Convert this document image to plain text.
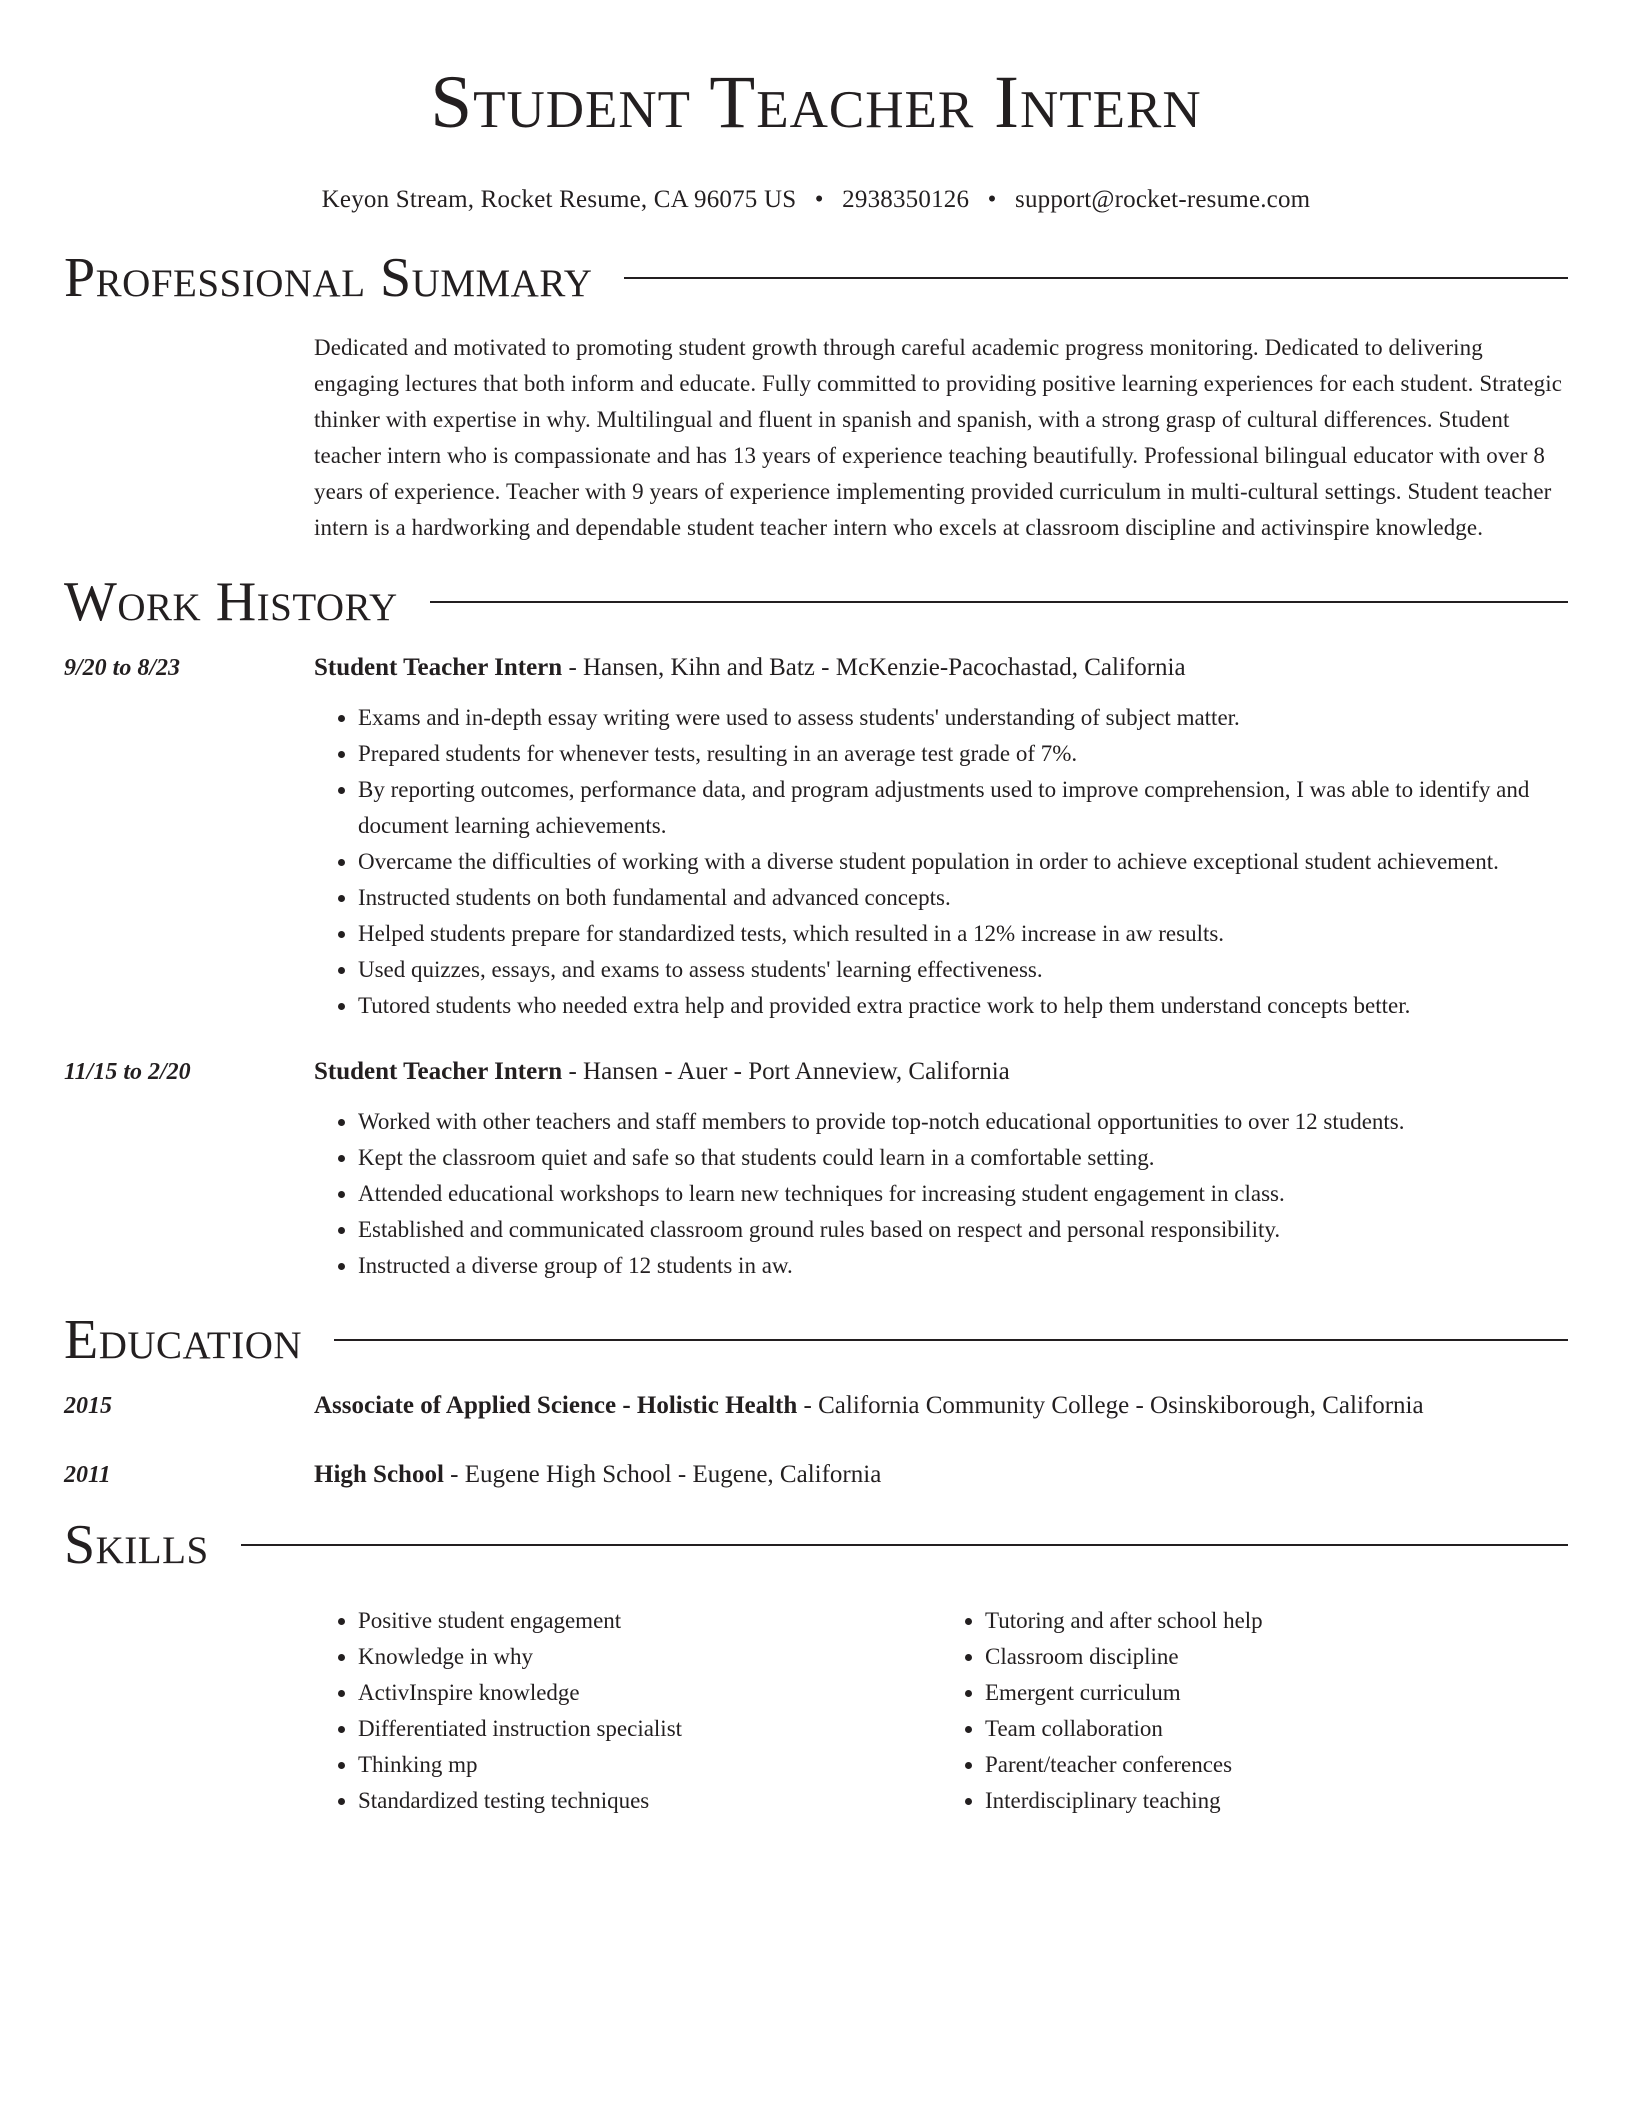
Student Teacher Intern
Keyon Stream, Rocket Resume, CA 96075 US • 2938350126 • support@rocket-resume.com
Professional Summary
Dedicated and motivated to promoting student growth through careful academic progress monitoring. Dedicated to delivering engaging lectures that both inform and educate. Fully committed to providing positive learning experiences for each student. Strategic thinker with expertise in why. Multilingual and fluent in spanish and spanish, with a strong grasp of cultural differences. Student teacher intern who is compassionate and has 13 years of experience teaching beautifully. Professional bilingual educator with over 8 years of experience. Teacher with 9 years of experience implementing provided curriculum in multi-cultural settings. Student teacher intern is a hardworking and dependable student teacher intern who excels at classroom discipline and activinspire knowledge.
Work History
9/20 to 8/23	Student Teacher Intern - Hansen, Kihn and Batz - McKenzie-Pacochastad, California
• Exams and in-depth essay writing were used to assess students' understanding of subject matter.
• Prepared students for whenever tests, resulting in an average test grade of 7%.
• By reporting outcomes, performance data, and program adjustments used to improve comprehension, I was able to identify and document learning achievements.
• Overcame the difficulties of working with a diverse student population in order to achieve exceptional student achievement.
• Instructed students on both fundamental and advanced concepts.
• Helped students prepare for standardized tests, which resulted in a 12% increase in aw results.
• Used quizzes, essays, and exams to assess students' learning effectiveness.
• Tutored students who needed extra help and provided extra practice work to help them understand concepts better.
11/15 to 2/20	Student Teacher Intern - Hansen - Auer - Port Anneview, California
• Worked with other teachers and staff members to provide top-notch educational opportunities to over 12 students.
• Kept the classroom quiet and safe so that students could learn in a comfortable setting.
• Attended educational workshops to learn new techniques for increasing student engagement in class.
• Established and communicated classroom ground rules based on respect and personal responsibility.
• Instructed a diverse group of 12 students in aw.
Education
2015	Associate of Applied Science - Holistic Health - California Community College - Osinskiborough, California
2011	High School - Eugene High School - Eugene, California
Skills
• Positive student engagement
• Knowledge in why
• ActivInspire knowledge
• Differentiated instruction specialist
• Thinking mp
• Standardized testing techniques
• Tutoring and after school help
• Classroom discipline
• Emergent curriculum
• Team collaboration
• Parent/teacher conferences
• Interdisciplinary teaching
